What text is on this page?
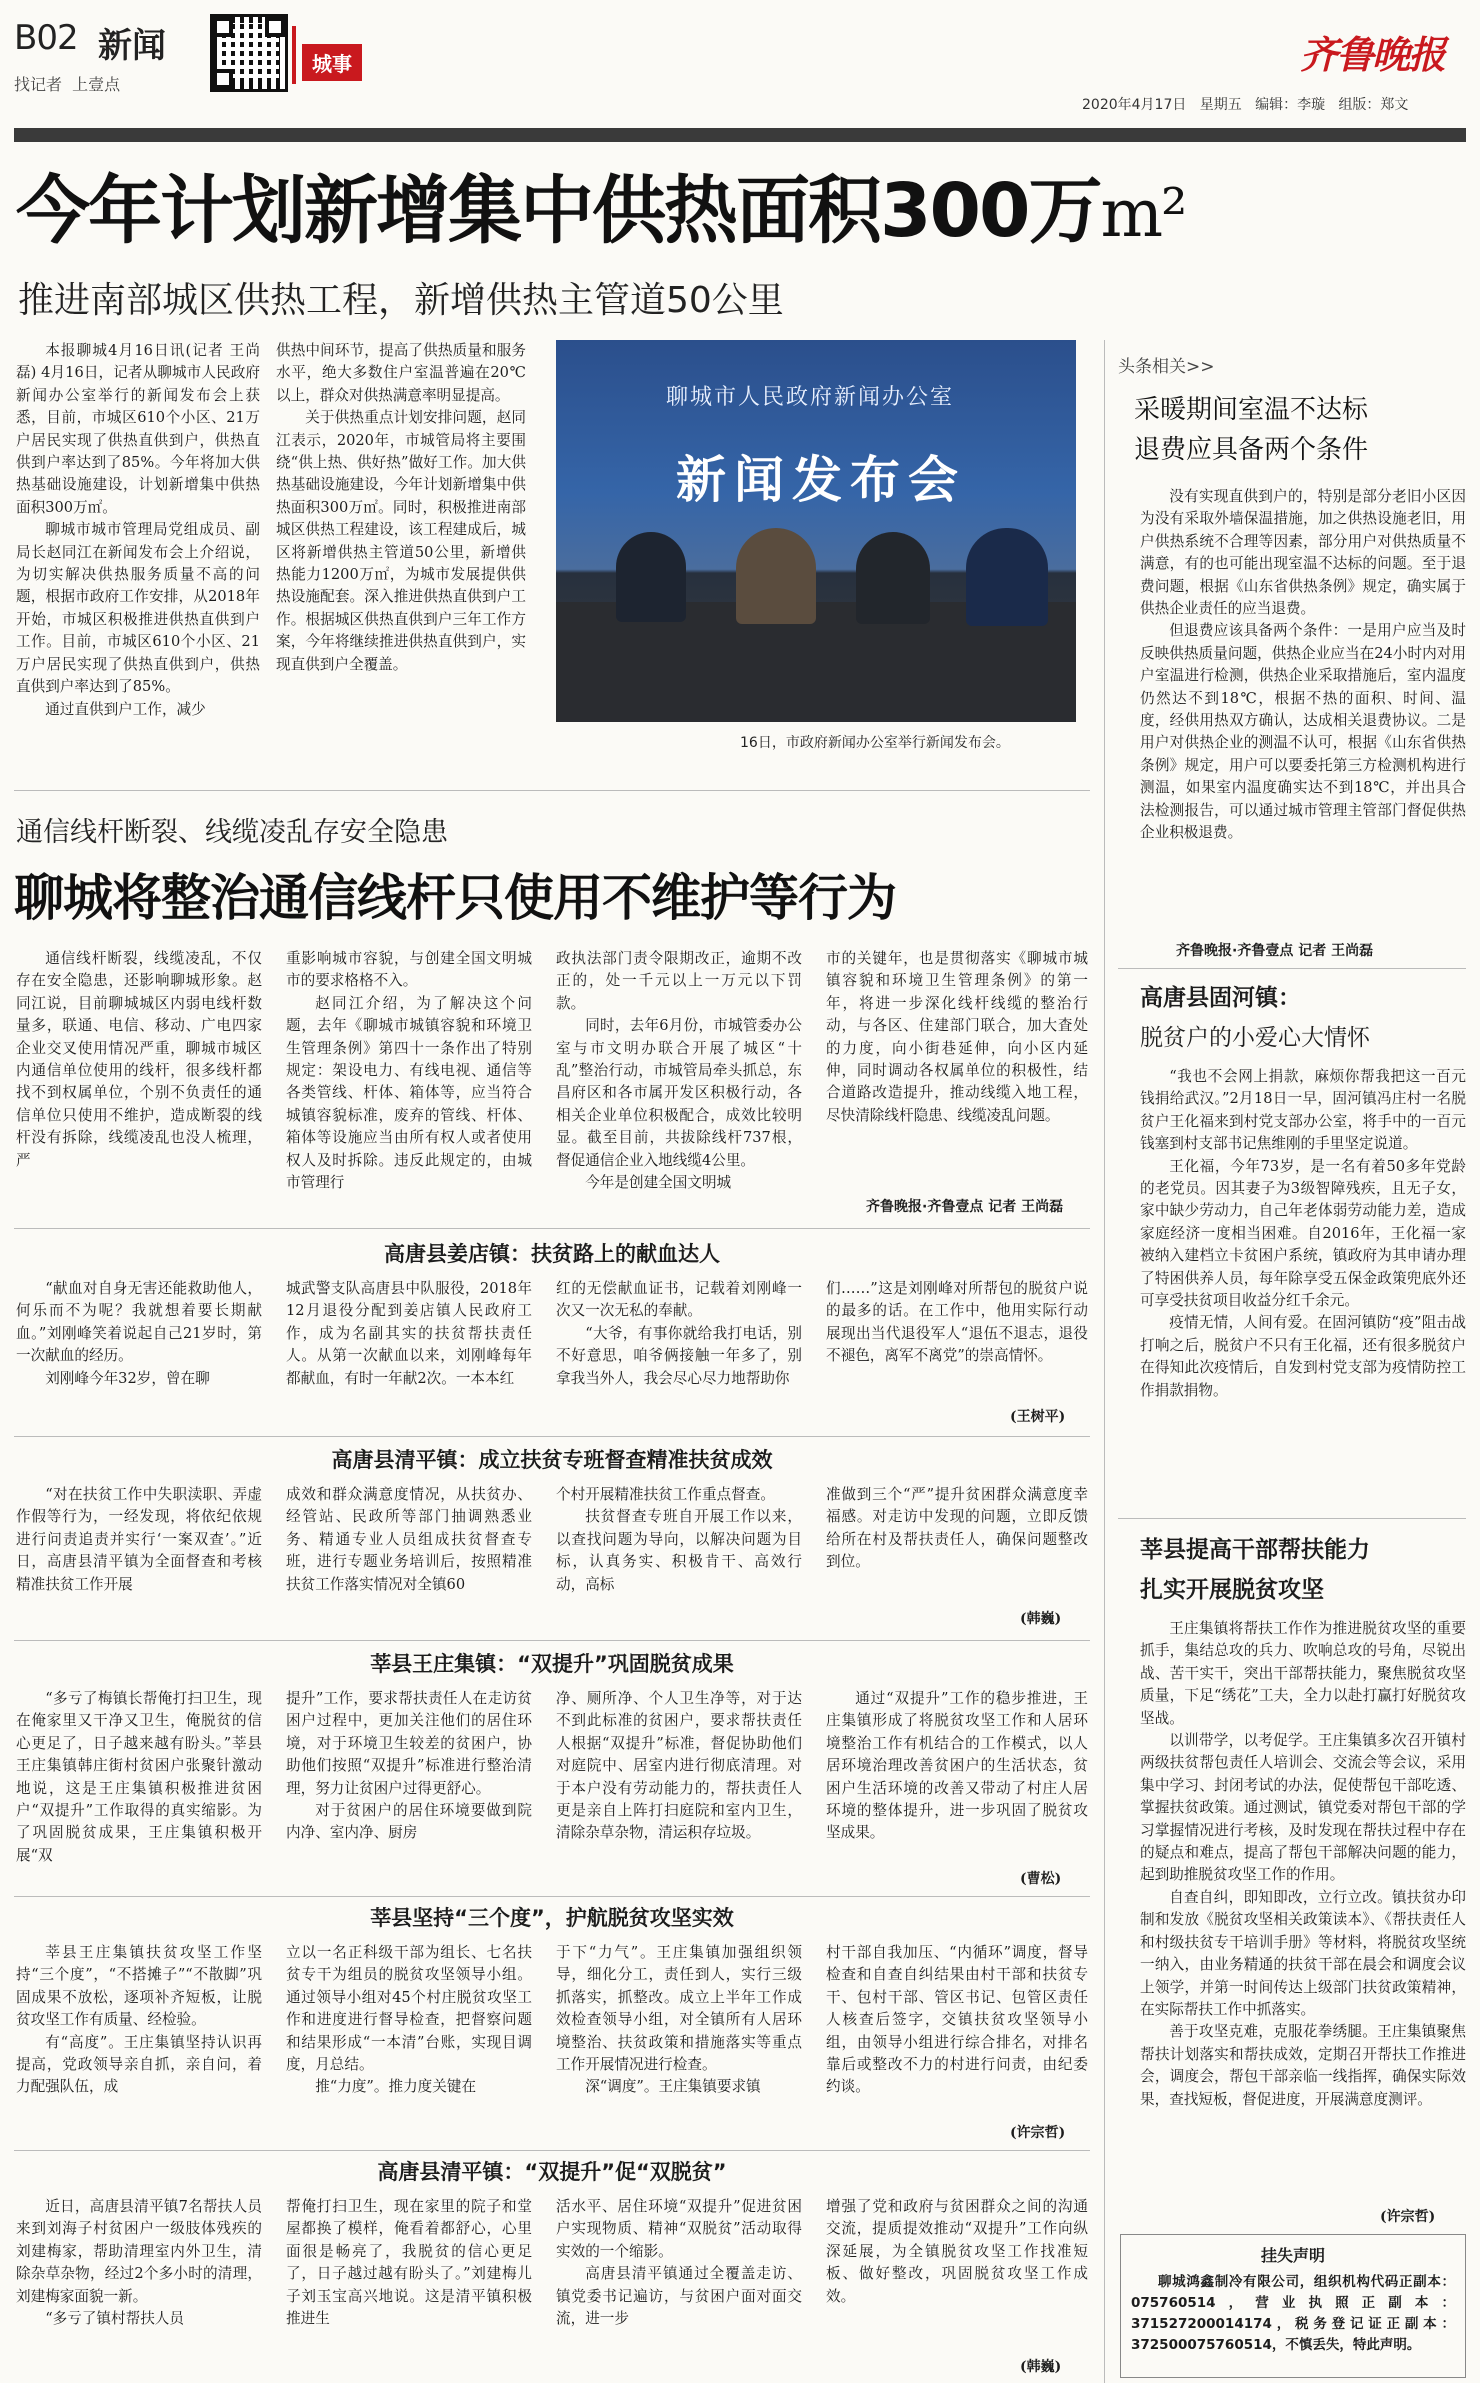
B02 新闻
找记者  上壹点
城事	齐鲁晚报
2020年4月17日 星期五 编辑：李璇 组版：郑文
今年计划新增集中供热面积300万m²
推进南部城区供热工程，新增供热主管道50公里

本报聊城4月16日讯(记者 王尚磊) 4月16日，记者从聊城市人民政府新闻办公室举行的新闻发布会上获悉，目前，市城区610个小区、21万户居民实现了供热直供到户，供热直供到户率达到了85%。今年将加大供热基础设施建设，计划新增集中供热面积300万㎡。

聊城市城市管理局党组成员、副局长赵同江在新闻发布会上介绍说，为切实解决供热服务质量不高的问题，根据市政府工作安排，从2018年开始，市城区积极推进供热直供到户工作。目前，市城区610个小区、21万户居民实现了供热直供到户，供热直供到户率达到了85%。

通过直供到户工作，减少

供热中间环节，提高了供热质量和服务水平，绝大多数住户室温普遍在20℃以上，群众对供热满意率明显提高。

关于供热重点计划安排问题，赵同江表示，2020年，市城管局将主要围绕“供上热、供好热”做好工作。加大供热基础设施建设，今年计划新增集中供热面积300万㎡。同时，积极推进南部城区供热工程建设，该工程建成后，城区将新增供热主管道50公里，新增供热能力1200万㎡，为城市发展提供供热设施配套。深入推进供热直供到户工作。根据城区供热直供到户三年工作方案，今年将继续推进供热直供到户，实现直供到户全覆盖。

聊城市人民政府新闻办公室
新闻发布会
16日，市政府新闻办公室举行新闻发布会。
头条相关>>
采暖期间室温不达标
退费应具备两个条件

没有实现直供到户的，特别是部分老旧小区因为没有采取外墙保温措施，加之供热设施老旧，用户供热系统不合理等因素，部分用户对供热质量不满意，有的也可能出现室温不达标的问题。至于退费问题，根据《山东省供热条例》规定，确实属于供热企业责任的应当退费。

但退费应该具备两个条件：一是用户应当及时反映供热质量问题，供热企业应当在24小时内对用户室温进行检测，供热企业采取措施后，室内温度仍然达不到18℃，根据不热的面积、时间、温度，经供用热双方确认，达成相关退费协议。二是用户对供热企业的测温不认可，根据《山东省供热条例》规定，用户可以要委托第三方检测机构进行测温，如果室内温度确实达不到18℃，并出具合法检测报告，可以通过城市管理主管部门督促供热企业积极退费。

齐鲁晚报·齐鲁壹点 记者 王尚磊
高唐县固河镇：
脱贫户的小爱心大情怀

“我也不会网上捐款，麻烦你帮我把这一百元钱捐给武汉。”2月18日一早，固河镇冯庄村一名脱贫户王化福来到村党支部办公室，将手中的一百元钱塞到村支部书记焦维刚的手里坚定说道。

王化福，今年73岁，是一名有着50多年党龄的老党员。因其妻子为3级智障残疾，且无子女，家中缺少劳动力，自己年老体弱劳动能力差，造成家庭经济一度相当困难。自2016年，王化福一家被纳入建档立卡贫困户系统，镇政府为其申请办理了特困供养人员，每年除享受五保金政策兜底外还可享受扶贫项目收益分红千余元。

疫情无情，人间有爱。在固河镇防“疫”阻击战打响之后，脱贫户不只有王化福，还有很多脱贫户在得知此次疫情后，自发到村党支部为疫情防控工作捐款捐物。

莘县提高干部帮扶能力
扎实开展脱贫攻坚

王庄集镇将帮扶工作作为推进脱贫攻坚的重要抓手，集结总攻的兵力、吹响总攻的号角，尽锐出战、苦干实干，突出干部帮扶能力，聚焦脱贫攻坚质量，下足“绣花”工夫，全力以赴打赢打好脱贫攻坚战。

以训带学，以考促学。王庄集镇多次召开镇村两级扶贫帮包责任人培训会、交流会等会议，采用集中学习、封闭考试的办法，促使帮包干部吃透、掌握扶贫政策。通过测试，镇党委对帮包干部的学习掌握情况进行考核，及时发现在帮扶过程中存在的疑点和难点，提高了帮包干部解决问题的能力，起到助推脱贫攻坚工作的作用。

自查自纠，即知即改，立行立改。镇扶贫办印制和发放《脱贫攻坚相关政策读本》、《帮扶责任人和村级扶贫专干培训手册》等材料，将脱贫攻坚统一纳入，由业务精通的扶贫干部在晨会和调度会议上领学，并第一时间传达上级部门扶贫政策精神，在实际帮扶工作中抓落实。

善于攻坚克难，克服花拳绣腿。王庄集镇聚焦帮扶计划落实和帮扶成效，定期召开帮扶工作推进会，调度会，帮包干部亲临一线指挥，确保实际效果，查找短板，督促进度，开展满意度测评。

(许宗哲)
挂失声明
聊城鸿鑫制冷有限公司，组织机构代码正副本：075760514，营业执照正副本：371527200014174，税务登记证正副本：372500075760514，不慎丢失，特此声明。
通信线杆断裂、线缆凌乱存安全隐患
聊城将整治通信线杆只使用不维护等行为

通信线杆断裂，线缆凌乱，不仅存在安全隐患，还影响聊城形象。赵同江说，目前聊城城区内弱电线杆数量多，联通、电信、移动、广电四家企业交叉使用情况严重，聊城市城区内通信单位使用的线杆，很多线杆都找不到权属单位，个别不负责任的通信单位只使用不维护，造成断裂的线杆没有拆除，线缆凌乱也没人梳理，严

重影响城市容貌，与创建全国文明城市的要求格格不入。

赵同江介绍，为了解决这个问题，去年《聊城市城镇容貌和环境卫生管理条例》第四十一条作出了特别规定：架设电力、有线电视、通信等各类管线、杆体、箱体等，应当符合城镇容貌标准，废弃的管线、杆体、箱体等设施应当由所有权人或者使用权人及时拆除。违反此规定的，由城市管理行

政执法部门责令限期改正，逾期不改正的，处一千元以上一万元以下罚款。

同时，去年6月份，市城管委办公室与市文明办联合开展了城区“十乱”整治行动，市城管局牵头抓总，东昌府区和各市属开发区积极行动，各相关企业单位积极配合，成效比较明显。截至目前，共拔除线杆737根，督促通信企业入地线缆4公里。

今年是创建全国文明城

市的关键年，也是贯彻落实《聊城市城镇容貌和环境卫生管理条例》的第一年，将进一步深化线杆线缆的整治行动，与各区、住建部门联合，加大査处的力度，向小街巷延伸，向小区内延伸，同时调动各权属单位的积极性，结合道路改造提升，推动线缆入地工程，尽快清除线杆隐患、线缆凌乱问题。

齐鲁晚报·齐鲁壹点 记者 王尚磊
高唐县姜店镇：扶贫路上的献血达人

“献血对自身无害还能救助他人，何乐而不为呢？我就想着要长期献血。”刘刚峰笑着说起自己21岁时，第一次献血的经历。

刘刚峰今年32岁，曾在聊

城武警支队高唐县中队服役，2018年12月退役分配到姜店镇人民政府工作，成为名副其实的扶贫帮扶责任人。从第一次献血以来，刘刚峰每年都献血，有时一年献2次。一本本红

红的无偿献血证书，记载着刘刚峰一次又一次无私的奉献。

“大爷，有事你就给我打电话，别不好意思，咱爷俩接触一年多了，别拿我当外人，我会尽心尽力地帮助你

们……”这是刘刚峰对所帮包的脱贫户说的最多的话。在工作中，他用实际行动展现出当代退役军人“退伍不退志，退役不褪色，离军不离党”的崇高情怀。

(王树平)
高唐县清平镇：成立扶贫专班督查精准扶贫成效

“对在扶贫工作中失职渎职、弄虚作假等行为，一经发现，将依纪依规进行问责追责并实行‘一案双查’。”近日，高唐县清平镇为全面督查和考核精准扶贫工作开展

成效和群众满意度情况，从扶贫办、经管站、民政所等部门抽调熟悉业务、精通专业人员组成扶贫督查专班，进行专题业务培训后，按照精准扶贫工作落实情况对全镇60

个村开展精准扶贫工作重点督查。

扶贫督查专班自开展工作以来，以查找问题为导向，以解决问题为目标，认真务实、积极肯干、高效行动，高标

准做到三个“严”提升贫困群众满意度幸福感。对走访中发现的问题，立即反馈给所在村及帮扶责任人，确保问题整改到位。

(韩巍)
莘县王庄集镇：“双提升”巩固脱贫成果

“多亏了梅镇长帮俺打扫卫生，现在俺家里又干净又卫生，俺脱贫的信心更足了，日子越来越有盼头。”莘县王庄集镇韩庄街村贫困户张聚针激动地说，这是王庄集镇积极推进贫困户“双提升”工作取得的真实缩影。为了巩固脱贫成果，王庄集镇积极开展“双

提升”工作，要求帮扶责任人在走访贫困户过程中，更加关注他们的居住环境，对于环境卫生较差的贫困户，协助他们按照“双提升”标准进行整治清理，努力让贫困户过得更舒心。

对于贫困户的居住环境要做到院内净、室内净、厨房

净、厕所净、个人卫生净等，对于达不到此标准的贫困户，要求帮扶责任人根据“双提升”标准，督促协助他们对庭院中、居室内进行彻底清理。对于本户没有劳动能力的，帮扶责任人更是亲自上阵打扫庭院和室内卫生，清除杂草杂物，清运积存垃圾。

通过“双提升”工作的稳步推进，王庄集镇形成了将脱贫攻坚工作和人居环境整治工作有机结合的工作模式，以人居环境治理改善贫困户的生活状态，贫困户生活环境的改善又带动了村庄人居环境的整体提升，进一步巩固了脱贫攻坚成果。

(曹松)
莘县坚持“三个度”，护航脱贫攻坚实效

莘县王庄集镇扶贫攻坚工作坚持“三个度”，“不搭摊子”“不散脚”巩固成果不放松，逐项补齐短板，让脱贫攻坚工作有质量、经检验。

有“高度”。王庄集镇坚持认识再提高，党政领导亲自抓，亲自问，着力配强队伍，成

立以一名正科级干部为组长、七名扶贫专干为组员的脱贫攻坚领导小组。通过领导小组对45个村庄脱贫攻坚工作和进度进行督导检查，把督察问题和结果形成“一本清”台账，实现目调度，月总结。

推“力度”。推力度关键在

于下“力气”。王庄集镇加强组织领导，细化分工，责任到人，实行三级抓落实，抓整改。成立上半年工作成效检查领导小组，对全镇所有人居环境整治、扶贫政策和措施落实等重点工作开展情况进行检查。

深“调度”。王庄集镇要求镇

村干部自我加压、“内循环”调度，督导检查和自查自纠结果由村干部和扶贫专干、包村干部、管区书记、包管区责任人核查后签字，交镇扶贫攻坚领导小组，由领导小组进行综合排名，对排名靠后或整改不力的村进行问责，由纪委约谈。

(许宗哲)
高唐县清平镇：“双提升”促“双脱贫”

近日，高唐县清平镇7名帮扶人员来到刘海子村贫困户一级肢体残疾的刘建梅家，帮助清理室内外卫生，清除杂草杂物，经过2个多小时的清理，刘建梅家面貌一新。

“多亏了镇村帮扶人员

帮俺打扫卫生，现在家里的院子和堂屋都换了模样，俺看着都舒心，心里面很是畅亮了，我脱贫的信心更足了，日子越过越有盼头了。”刘建梅儿子刘玉宝高兴地说。这是清平镇积极推进生

活水平、居住环境“双提升”促进贫困户实现物质、精神“双脱贫”活动取得实效的一个缩影。

高唐县清平镇通过全覆盖走访、镇党委书记遍访，与贫困户面对面交流，进一步

增强了党和政府与贫困群众之间的沟通交流，提质提效推动“双提升”工作向纵深延展，为全镇脱贫攻坚工作找准短板、做好整改，巩固脱贫攻坚工作成效。

(韩巍)
